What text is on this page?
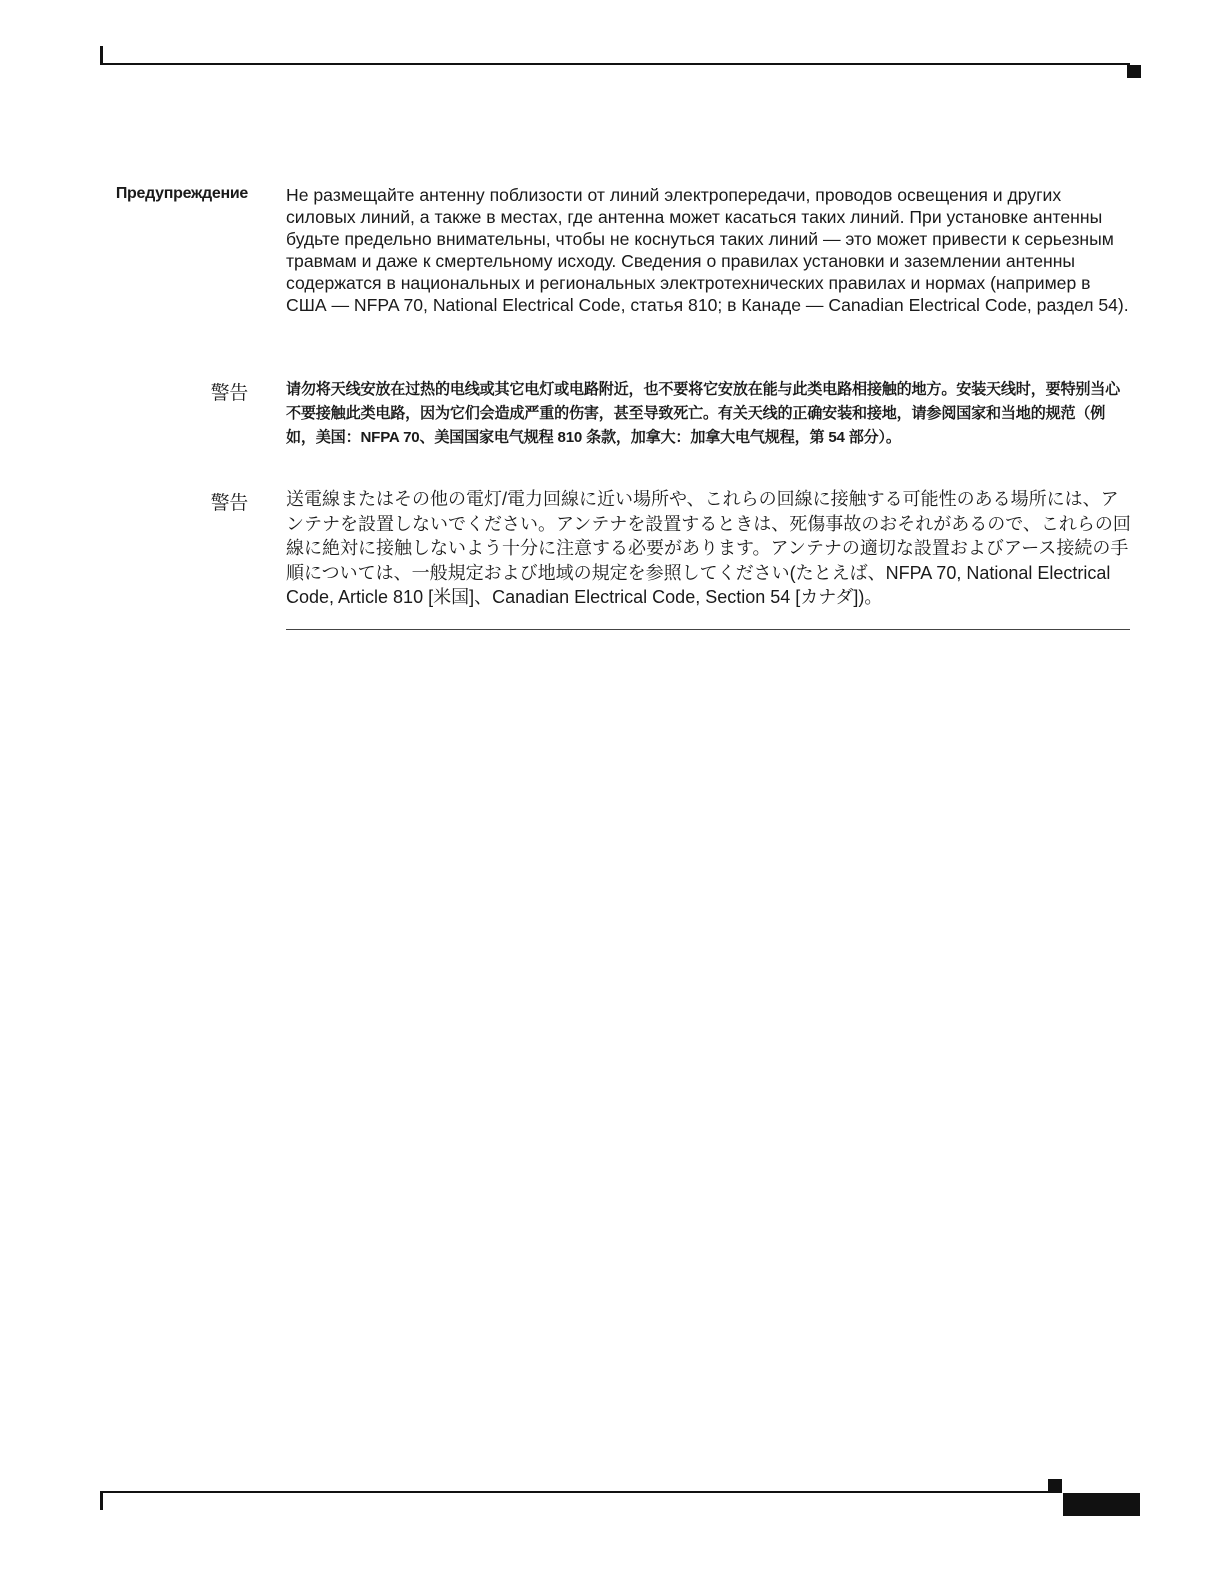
Предупреждение Не размещайте антенну поблизости от линий электропередачи, проводов освещения и других силовых линий, а также в местах, где антенна может касаться таких линий. При установке антенны будьте предельно внимательны, чтобы не коснуться таких линий — это может привести к серьезным травмам и даже к смертельному исходу. Сведения о правилах установки и заземлении антенны содержатся в национальных и региональных электротехнических правилах и нормах (например в США — NFPA 70, National Electrical Code, статья 810; в Канаде — Canadian Electrical Code, раздел 54).

警告	请勿将天线安放在过热的电线或其它电灯或电路附近，也不要将它安放在能与此类电路相接触的地方。安装天线时，要特别当心不要接触此类电路，因为它们会造成严重的伤害，甚至导致死亡。有关天线的正确安装和接地，请参阅国家和当地的规范（例如，美国：NFPA 70、美国国家电气规程 810 条款，加拿大：加拿大电气规程，第 54 部分）。

警告 送電線またはその他の電灯/電力回線に近い場所や、これらの回線に接触する可能性のある場所には、アンテナを設置しないでください。アンテナを設置するときは、死傷事故のおそれがあるので、これらの回線に絶対に接触しないよう十分に注意する必要があります。アンテナの適切な設置およびアース接続の手順については、一般規定および地域の規定を参照してください(たとえば、NFPA 70, National Electrical Code, Article 810 [米国]、Canadian Electrical Code, Section 54 [カナダ])。
